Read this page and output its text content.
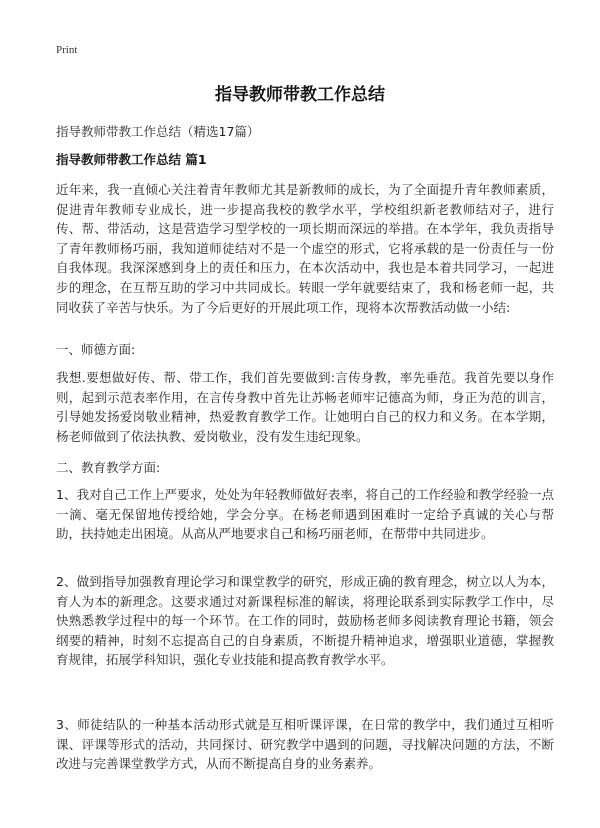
Print
指导教师带教工作总结
指导教师带教工作总结（精选17篇）
指导教师带教工作总结 篇1
近年来，我一直倾心关注着青年教师尤其是新教师的成长，为了全面提升青年教师素质，促进青年教师专业成长，进一步提高我校的教学水平，学校组织新老教师结对子，进行传、帮、带活动，这是营造学习型学校的一项长期而深远的举措。在本学年，我负责指导了青年教师杨巧丽，我知道师徒结对不是一个虚空的形式，它将承载的是一份责任与一份自我体现。我深深感到身上的责任和压力，在本次活动中，我也是本着共同学习，一起进步的理念，在互帮互助的学习中共同成长。转眼一学年就要结束了，我和杨老师一起，共同收获了辛苦与快乐。为了今后更好的开展此项工作，现将本次帮教活动做一小结:
一、师德方面:
我想.要想做好传、帮、带工作，我们首先要做到:言传身教，率先垂范。我首先要以身作则，起到示范表率作用，在言传身教中首先让苏畅老师牢记德高为师，身正为范的训言，引导她发扬爱岗敬业精神，热爱教育教学工作。让她明白自己的权力和义务。在本学期，杨老师做到了依法执教、爱岗敬业，没有发生违纪现象。
二、教育教学方面:
1、我对自己工作上严要求，处处为年轻教师做好表率，将自己的工作经验和教学经验一点一滴、毫无保留地传授给她，学会分享。在杨老师遇到困难时一定给予真诚的关心与帮助，扶持她走出困境。从高从严地要求自己和杨巧丽老师，在帮带中共同进步。
2、做到指导加强教育理论学习和课堂教学的研究，形成正确的教育理念，树立以人为本，育人为本的新理念。这要求通过对新课程标准的解读，将理论联系到实际教学工作中，尽快熟悉教学过程中的每一个环节。在工作的同时，鼓励杨老师多阅读教育理论书籍，领会纲要的精神，时刻不忘提高自己的自身素质，不断提升精神追求，增强职业道德，掌握教育规律，拓展学科知识，强化专业技能和提高教育教学水平。
3、师徒结队的一种基本活动形式就是互相听课评课，在日常的教学中，我们通过互相听课、评课等形式的活动，共同探讨、研究教学中遇到的问题，寻找解决问题的方法，不断改进与完善课堂教学方式，从而不断提高自身的业务素养。
